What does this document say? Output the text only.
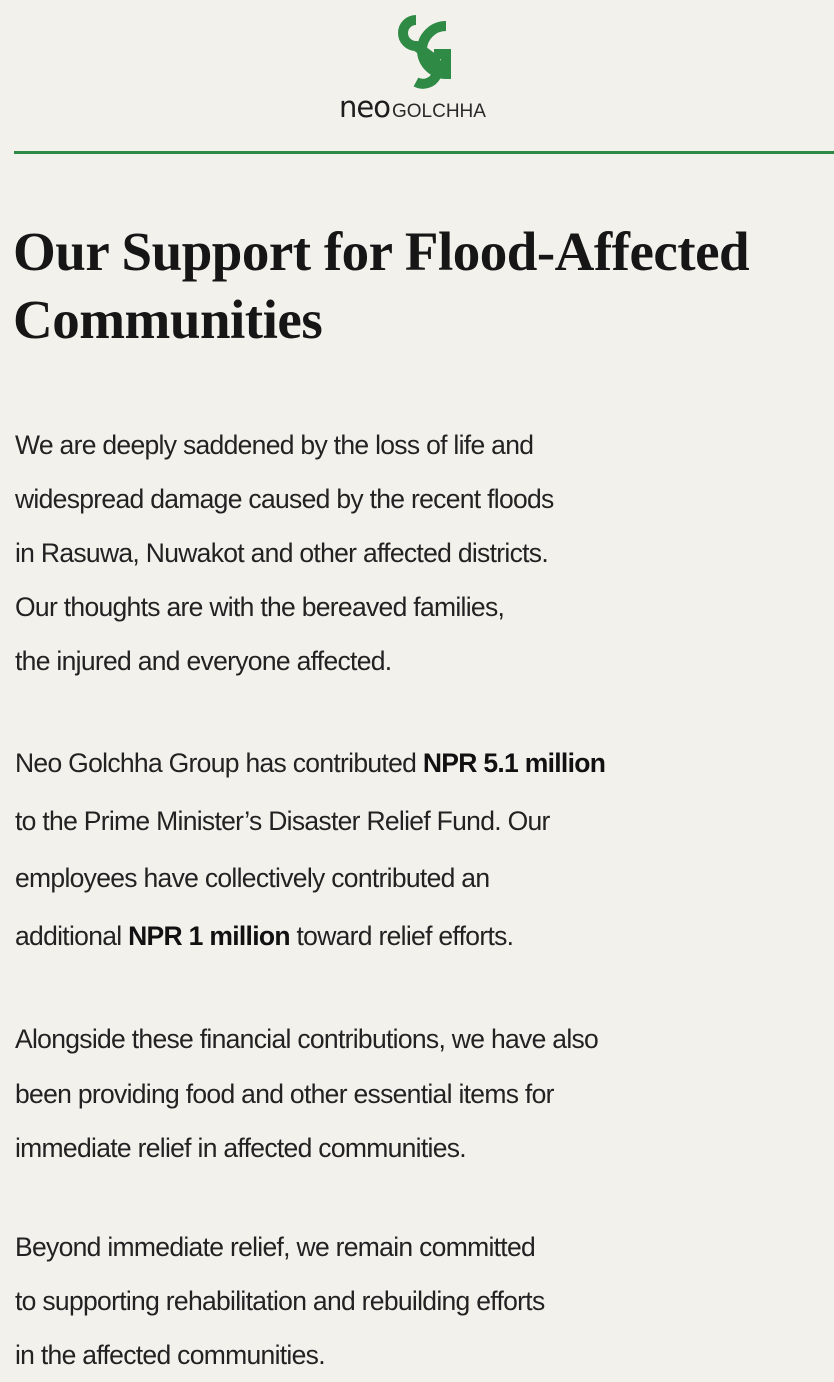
neo GOLCHHA
Our Support for Flood-Affected Communities

We are deeply saddened by the loss of life and
widespread damage caused by the recent floods
in Rasuwa, Nuwakot and other affected districts.
Our thoughts are with the bereaved families,
the injured and everyone affected.

Neo Golchha Group has contributed NPR 5.1 million
to the Prime Minister’s Disaster Relief Fund. Our
employees have collectively contributed an
additional NPR 1 million toward relief efforts.

Alongside these financial contributions, we have also
been providing food and other essential items for
immediate relief in affected communities.

Beyond immediate relief, we remain committed
to supporting rehabilitation and rebuilding efforts
in the affected communities.
